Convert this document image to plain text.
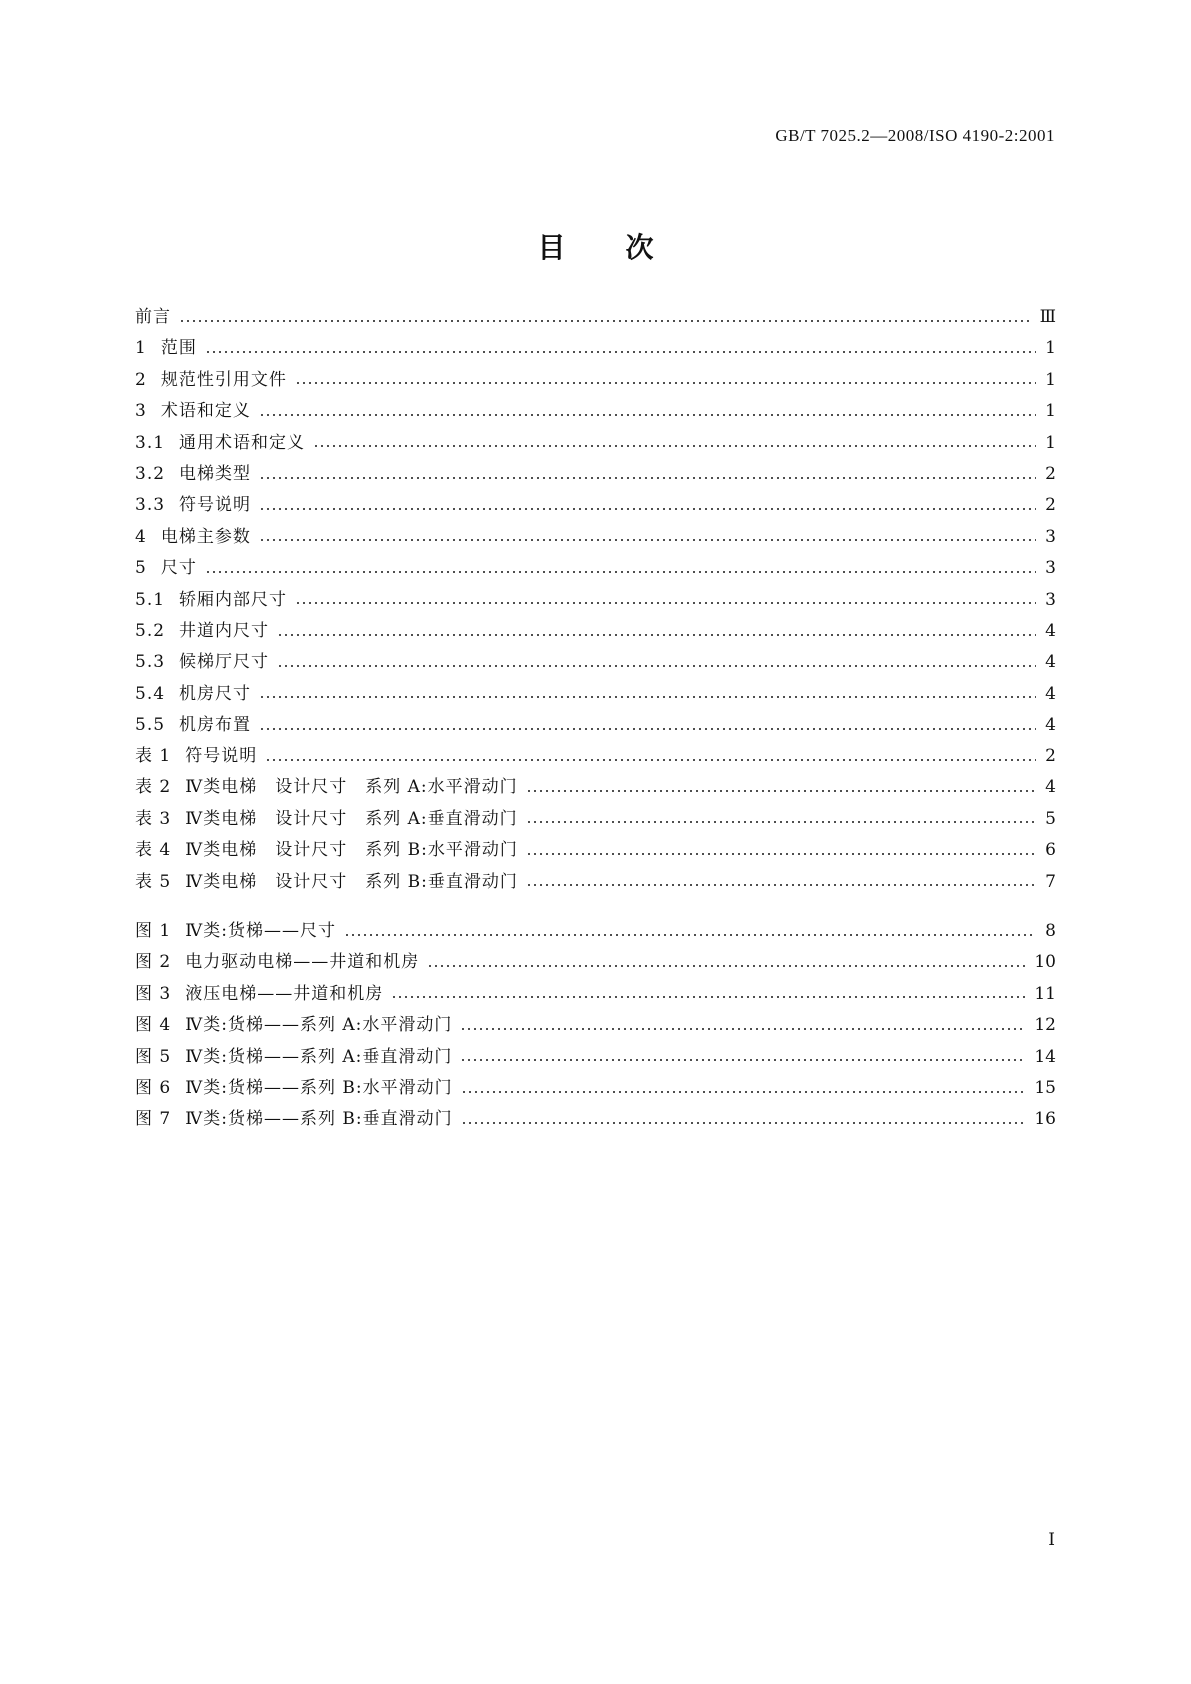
GB/T 7025.2—2008/ISO 4190-2:2001
目次
前言	Ⅲ
1 范围	1
2 规范性引用文件	1
3 术语和定义	1
3.1 通用术语和定义	1
3.2 电梯类型	2
3.3 符号说明	2
4 电梯主参数	3
5 尺寸	3
5.1 轿厢内部尺寸	3
5.2 井道内尺寸	4
5.3 候梯厅尺寸	4
5.4 机房尺寸	4
5.5 机房布置	4
表 1 符号说明	2
表 2 Ⅳ类电梯　设计尺寸　系列 A:水平滑动门	4
表 3 Ⅳ类电梯　设计尺寸　系列 A:垂直滑动门	5
表 4 Ⅳ类电梯　设计尺寸　系列 B:水平滑动门	6
表 5 Ⅳ类电梯　设计尺寸　系列 B:垂直滑动门	7
图 1 Ⅳ类:货梯——尺寸	8
图 2 电力驱动电梯——井道和机房	10
图 3 液压电梯——井道和机房	11
图 4 Ⅳ类:货梯——系列 A:水平滑动门	12
图 5 Ⅳ类:货梯——系列 A:垂直滑动门	14
图 6 Ⅳ类:货梯——系列 B:水平滑动门	15
图 7 Ⅳ类:货梯——系列 B:垂直滑动门	16
Ⅰ
